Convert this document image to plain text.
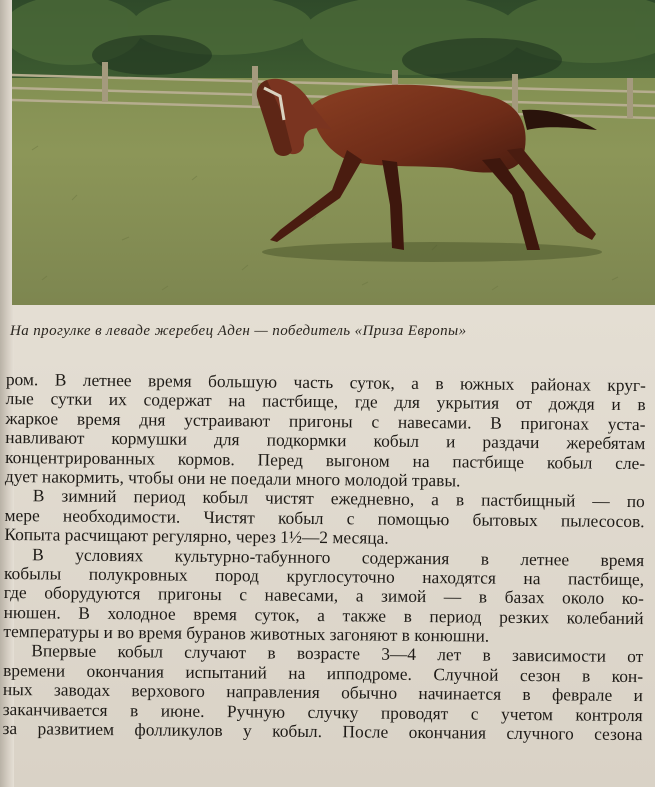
На прогулке в леваде жеребец Аден — победитель «Приза Европы»
ром. В летнее время большую часть суток, а в южных районах круг-
лые сутки их содержат на пастбище, где для укрытия от дождя и в
жаркое время дня устраивают пригоны с навесами. В пригонах уста-
навливают кормушки для подкормки кобыл и раздачи жеребятам
концентрированных кормов. Перед выгоном на пастбище кобыл сле-
дует накормить, чтобы они не поедали много молодой травы.
В зимний период кобыл чистят ежедневно, а в пастбищный — по
мере необходимости. Чистят кобыл с помощью бытовых пылесосов.
Копыта расчищают регулярно, через 1½—2 месяца.
В условиях культурно-табунного содержания в летнее время
кобылы полукровных пород круглосуточно находятся на пастбище,
где оборудуются пригоны с навесами, а зимой — в базах около ко-
нюшен. В холодное время суток, а также в период резких колебаний
температуры и во время буранов животных загоняют в конюшни.
Впервые кобыл случают в возрасте 3—4 лет в зависимости от
времени окончания испытаний на ипподроме. Случной сезон в кон-
ных заводах верхового направления обычно начинается в феврале и
заканчивается в июне. Ручную случку проводят с учетом контроля
за развитием фолликулов у кобыл. После окончания случного сезона
